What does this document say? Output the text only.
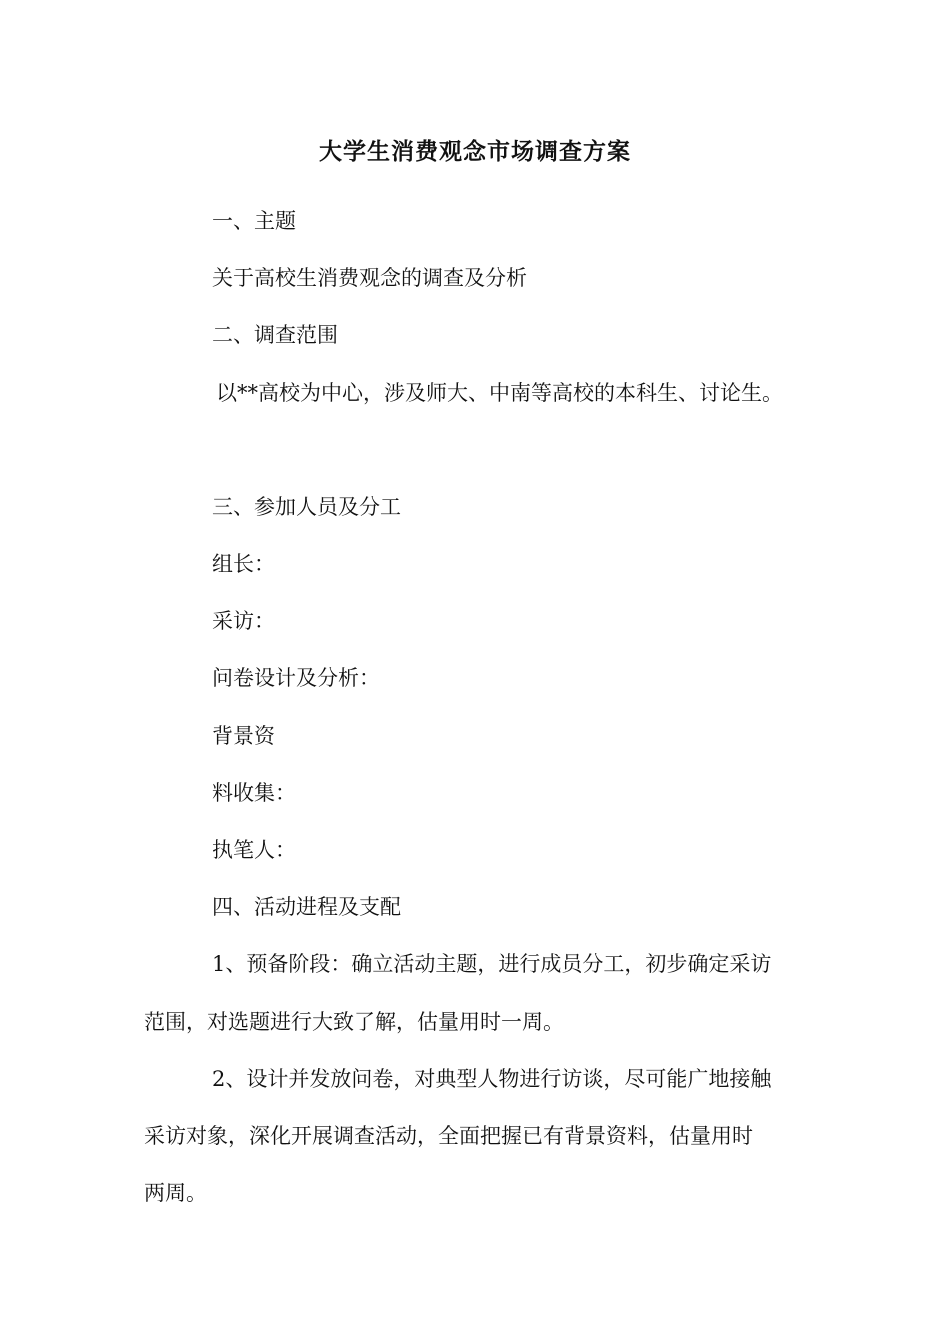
大学生消费观念市场调查方案

一、主题

关于高校生消费观念的调查及分析

二、调查范围

以**高校为中心，涉及师大、中南等高校的本科生、讨论生。

三、参加人员及分工

组长：

采访：

问卷设计及分析：

背景资

料收集：

执笔人：

四、活动进程及支配

1、预备阶段：确立活动主题，进行成员分工，初步确定采访

范围，对选题进行大致了解，估量用时一周。

2、设计并发放问卷，对典型人物进行访谈，尽可能广地接触

采访对象，深化开展调查活动，全面把握已有背景资料，估量用时

两周。
